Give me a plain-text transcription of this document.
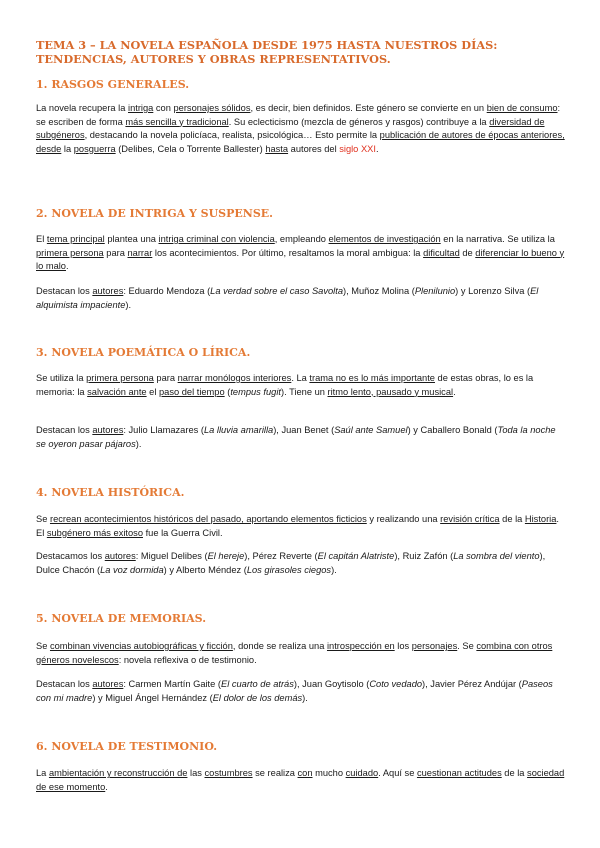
TEMA 3 – LA NOVELA ESPAÑOLA DESDE 1975 HASTA NUESTROS DÍAS: TENDENCIAS, AUTORES Y OBRAS REPRESENTATIVOS.
1. RASGOS GENERALES.

La novela recupera la intriga con personajes sólidos, es decir, bien definidos. Este género se convierte en un bien de consumo: se escriben de forma más sencilla y tradicional. Su eclecticismo (mezcla de géneros y rasgos) contribuye a la diversidad de subgéneros, destacando la novela policíaca, realista, psicológica… Esto permite la publicación de autores de épocas anteriores, desde la posguerra (Delibes, Cela o Torrente Ballester) hasta autores del siglo XXI.

2. NOVELA DE INTRIGA Y SUSPENSE.

El tema principal plantea una intriga criminal con violencia, empleando elementos de investigación en la narrativa. Se utiliza la primera persona para narrar los acontecimientos. Por último, resaltamos la moral ambigua: la dificultad de diferenciar lo bueno y lo malo.

Destacan los autores: Eduardo Mendoza (La verdad sobre el caso Savolta), Muñoz Molina (Plenilunio) y Lorenzo Silva (El alquimista impaciente).

3. NOVELA POEMÁTICA O LÍRICA.

Se utiliza la primera persona para narrar monólogos interiores. La trama no es lo más importante de estas obras, lo es la memoria: la salvación ante el paso del tiempo (tempus fugit). Tiene un ritmo lento, pausado y musical.

Destacan los autores: Julio Llamazares (La lluvia amarilla), Juan Benet (Saúl ante Samuel) y Caballero Bonald (Toda la noche se oyeron pasar pájaros).

4. NOVELA HISTÓRICA.

Se recrean acontecimientos históricos del pasado, aportando elementos ficticios y realizando una revisión crítica de la Historia. El subgénero más exitoso fue la Guerra Civil.

Destacamos los autores: Miguel Delibes (El hereje), Pérez Reverte (El capitán Alatriste), Ruiz Zafón (La sombra del viento), Dulce Chacón (La voz dormida) y Alberto Méndez (Los girasoles ciegos).

5. NOVELA DE MEMORIAS.

Se combinan vivencias autobiográficas y ficción, donde se realiza una introspección en los personajes. Se combina con otros géneros novelescos: novela reflexiva o de testimonio.

Destacan los autores: Carmen Martín Gaite (El cuarto de atrás), Juan Goytisolo (Coto vedado), Javier Pérez Andújar (Paseos con mi madre) y Miguel Ángel Hernández (El dolor de los demás).

6. NOVELA DE TESTIMONIO.

La ambientación y reconstrucción de las costumbres se realiza con mucho cuidado. Aquí se cuestionan actitudes de la sociedad de ese momento.
